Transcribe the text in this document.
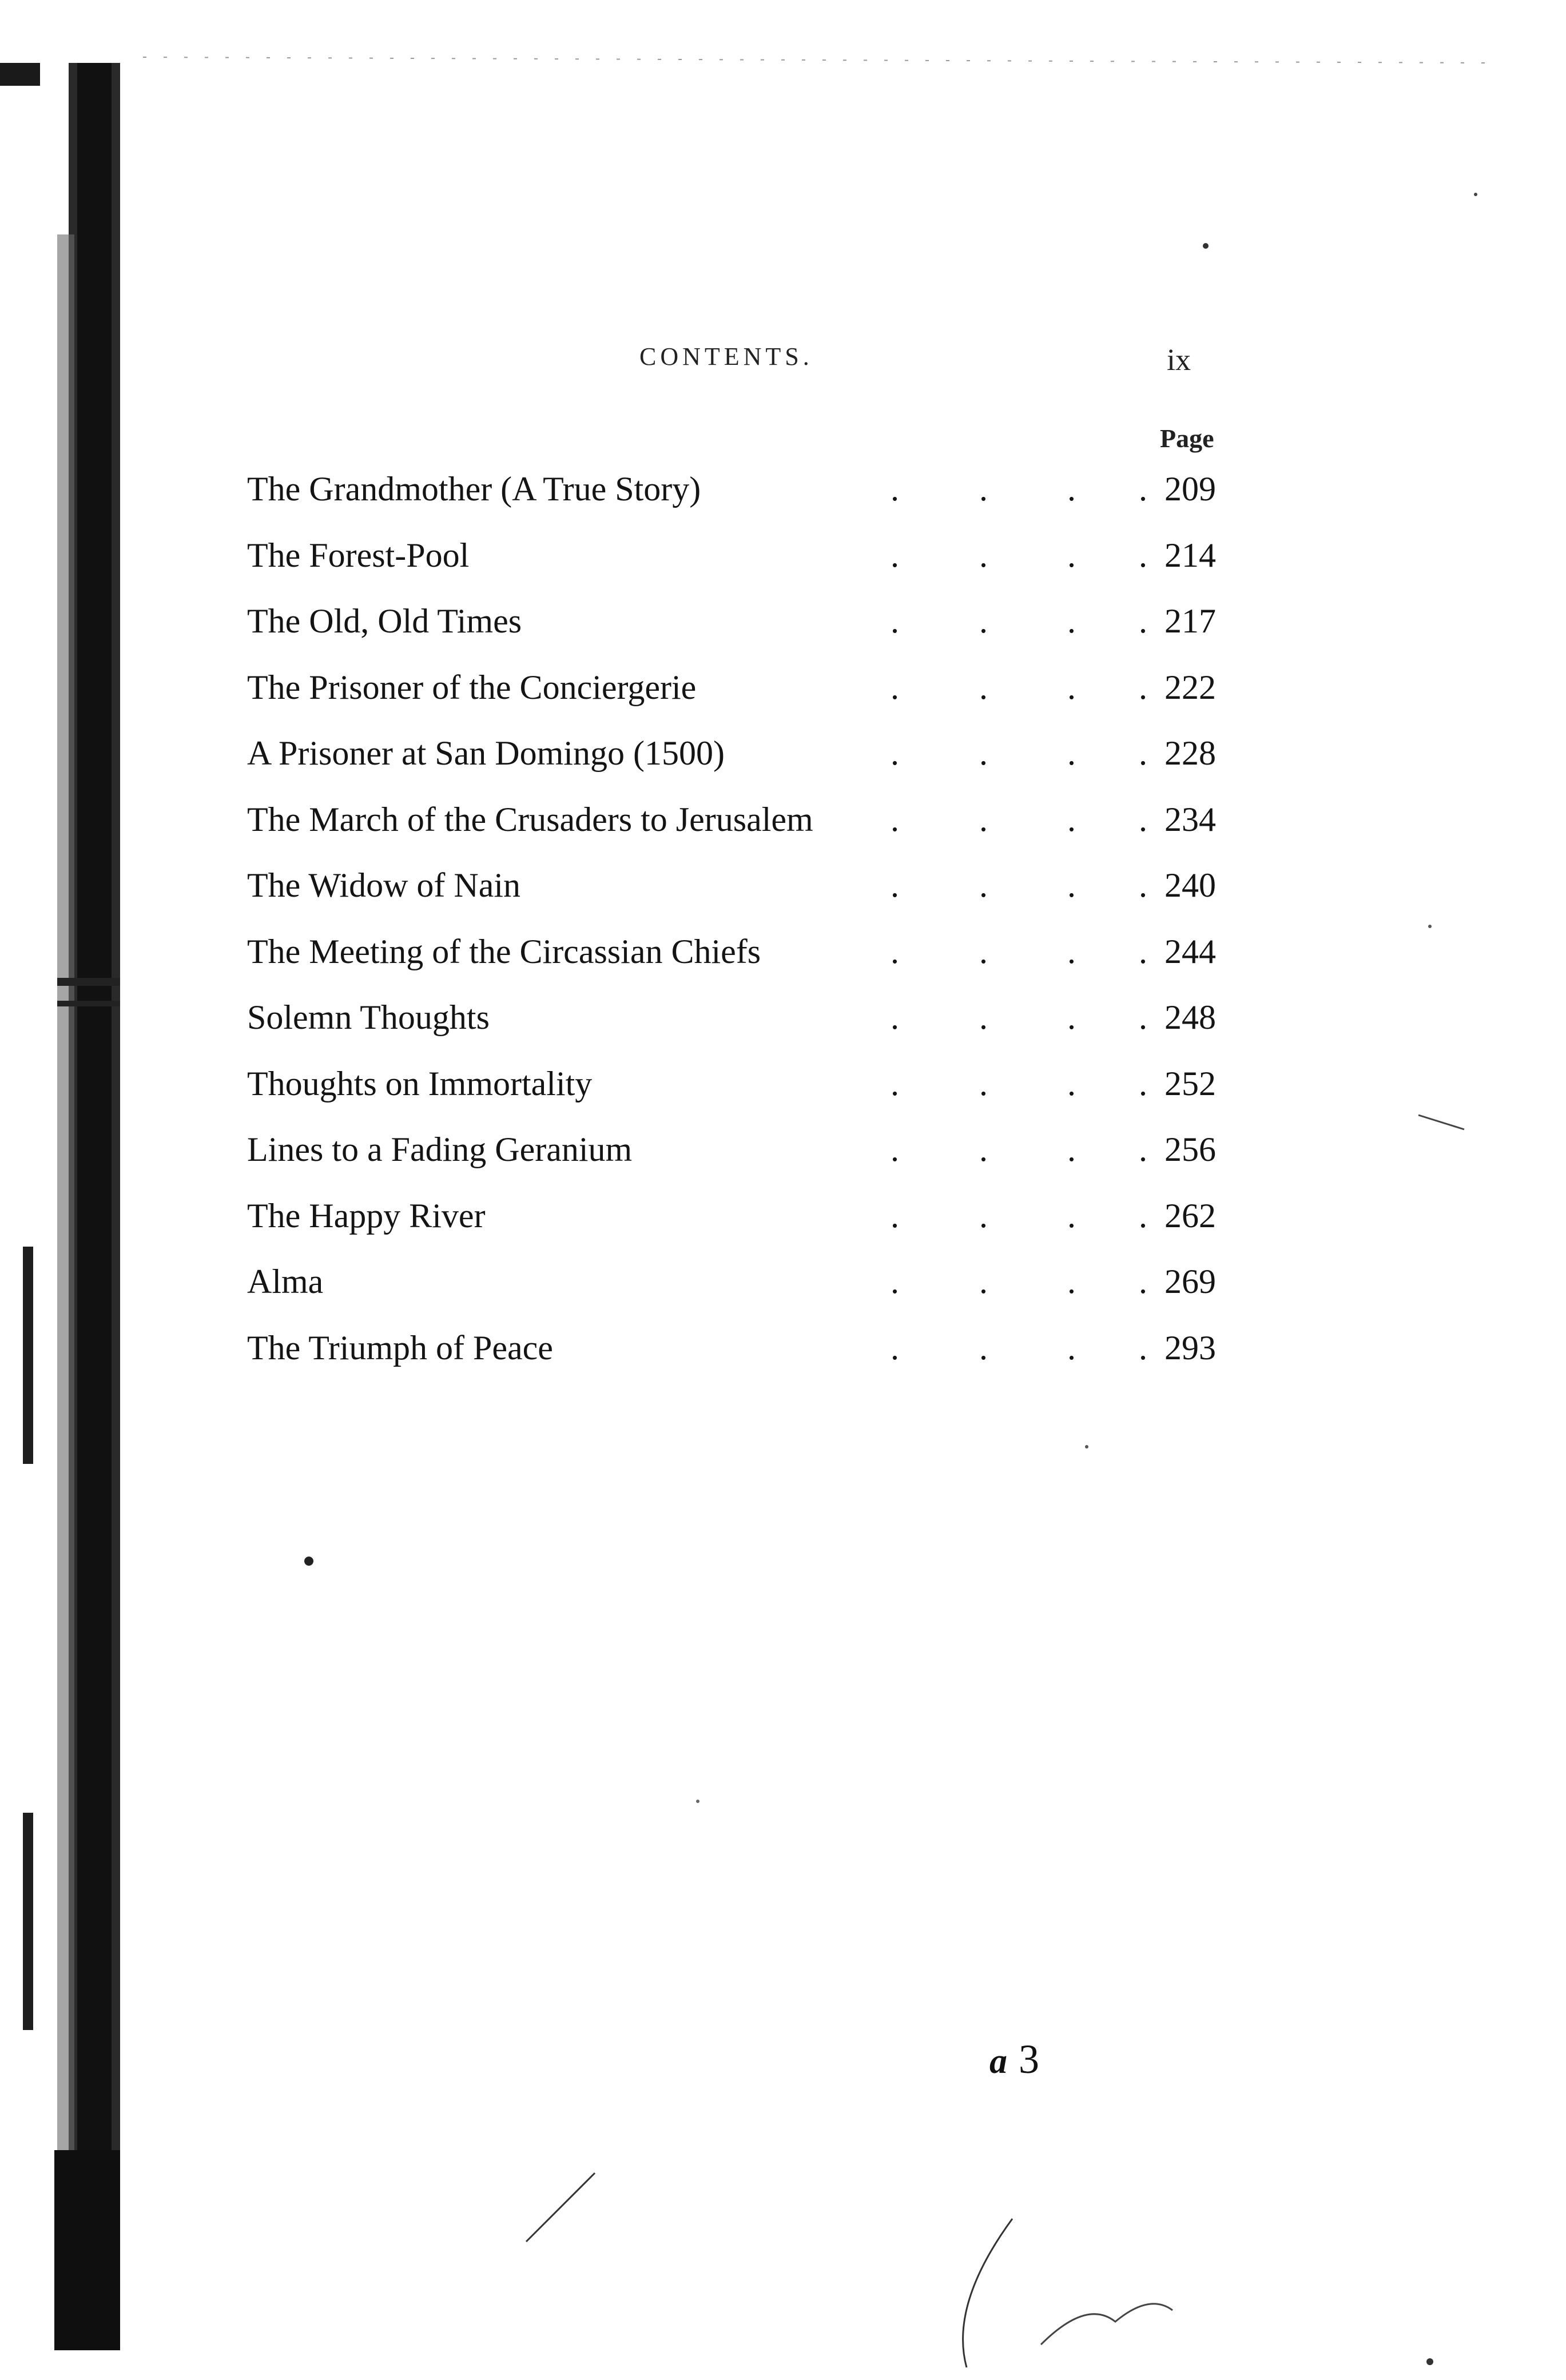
CONTENTS.	ix
Page
The Grandmother (A True Story)	. . . . 209
The Forest-Pool	. . . . 214
The Old, Old Times	. . . . 217
The Prisoner of the Conciergerie	. . . . 222
A Prisoner at San Domingo (1500)	. . . . 228
The March of the Crusaders to Jerusalem . . . . 234
The Widow of Nain	. . . . 240
The Meeting of the Circassian Chiefs	. . . . 244
Solemn Thoughts	. . . . 248
Thoughts on Immortality	. . . . 252
Lines to a Fading Geranium	. . . . 256
The Happy River	. . . . 262
Alma	. . . . 269
The Triumph of Peace	. . . . 293
a 3
